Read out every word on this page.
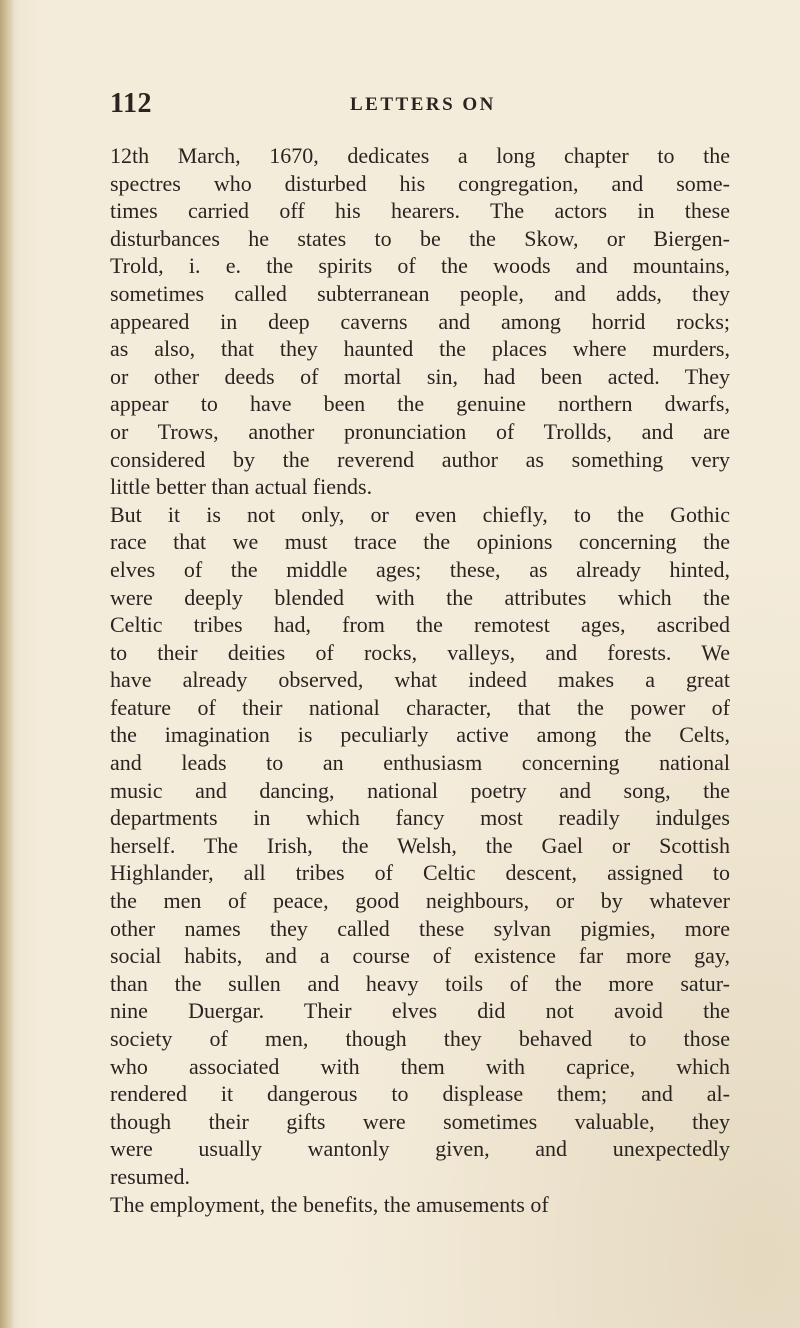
112	LETTERS ON
12th March, 1670, dedicates a long chapter to the
spectres who disturbed his congregation, and some-
times carried off his hearers. The actors in these
disturbances he states to be the Skow, or Biergen-
Trold, i. e. the spirits of the woods and mountains,
sometimes called subterranean people, and adds, they
appeared in deep caverns and among horrid rocks;
as also, that they haunted the places where murders,
or other deeds of mortal sin, had been acted. They
appear to have been the genuine northern dwarfs,
or Trows, another pronunciation of Trollds, and are
considered by the reverend author as something very
little better than actual fiends.
But it is not only, or even chiefly, to the Gothic
race that we must trace the opinions concerning the
elves of the middle ages; these, as already hinted,
were deeply blended with the attributes which the
Celtic tribes had, from the remotest ages, ascribed
to their deities of rocks, valleys, and forests. We
have already observed, what indeed makes a great
feature of their national character, that the power of
the imagination is peculiarly active among the Celts,
and leads to an enthusiasm concerning national
music and dancing, national poetry and song, the
departments in which fancy most readily indulges
herself. The Irish, the Welsh, the Gael or Scottish
Highlander, all tribes of Celtic descent, assigned to
the men of peace, good neighbours, or by whatever
other names they called these sylvan pigmies, more
social habits, and a course of existence far more gay,
than the sullen and heavy toils of the more satur-
nine Duergar. Their elves did not avoid the
society of men, though they behaved to those
who associated with them with caprice, which
rendered it dangerous to displease them; and al-
though their gifts were sometimes valuable, they
were usually wantonly given, and unexpectedly
resumed.
The employment, the benefits, the amusements of
